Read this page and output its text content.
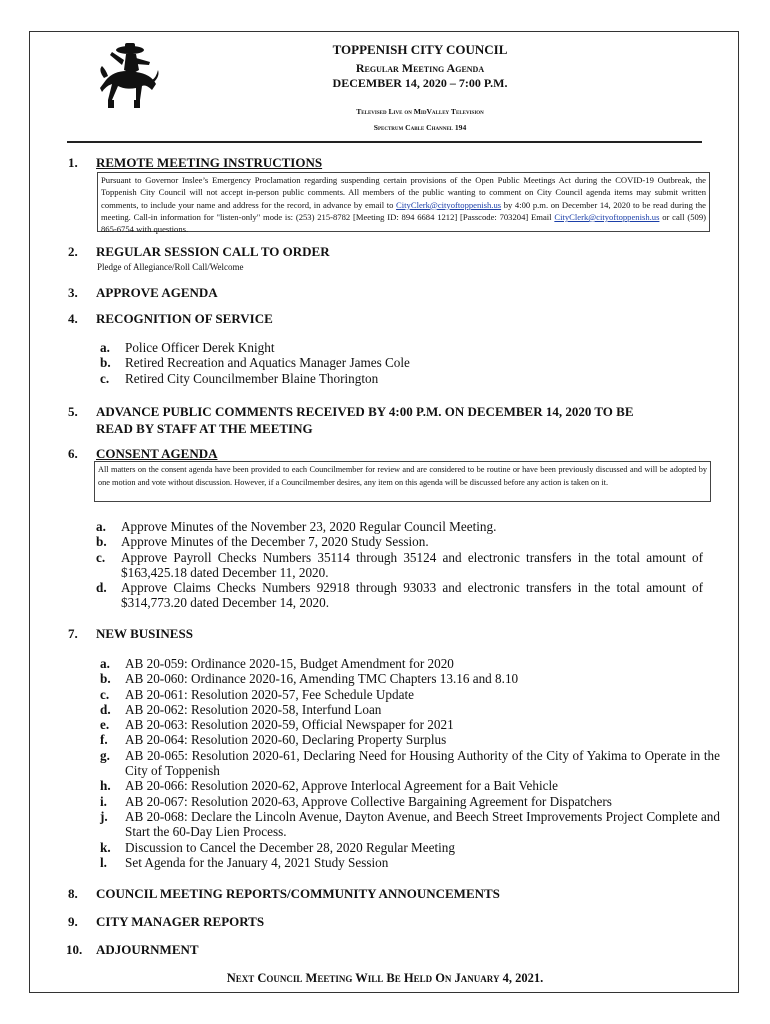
TOPPENISH CITY COUNCIL
Regular Meeting Agenda
DECEMBER 14, 2020 – 7:00 P.M.
Televised Live on MidValley Television
Spectrum Cable Channel 194
1. REMOTE MEETING INSTRUCTIONS
Pursuant to Governor Inslee’s Emergency Proclamation regarding suspending certain provisions of the Open Public Meetings Act during the COVID-19 Outbreak, the Toppenish City Council will not accept in-person public comments. All members of the public wanting to comment on City Council agenda items may submit written comments, to include your name and address for the record, in advance by email to CityClerk@cityoftoppenish.us by 4:00 p.m. on December 14, 2020 to be read during the meeting. Call-in information for "listen-only" mode is: (253) 215-8782 [Meeting ID: 894 6684 1212] [Passcode: 703204] Email CityClerk@cityoftoppenish.us or call (509) 865-6754 with questions.
2. REGULAR SESSION CALL TO ORDER
Pledge of Allegiance/Roll Call/Welcome
3. APPROVE AGENDA
4. RECOGNITION OF SERVICE
a.	Police Officer Derek Knight
b.	Retired Recreation and Aquatics Manager James Cole
c.	Retired City Councilmember Blaine Thorington
5. ADVANCE PUBLIC COMMENTS RECEIVED BY 4:00 P.M. ON DECEMBER 14, 2020 TO BE
READ BY STAFF AT THE MEETING
6. CONSENT AGENDA
All matters on the consent agenda have been provided to each Councilmember for review and are considered to be routine or have been previously discussed and will be adopted by one motion and vote without discussion. However, if a Councilmember desires, any item on this agenda will be discussed before any action is taken on it.
a.	Approve Minutes of the November 23, 2020 Regular Council Meeting.
b.	Approve Minutes of the December 7, 2020 Study Session.
c.	Approve Payroll Checks Numbers 35114 through 35124 and electronic transfers in the total amount of $163,425.18 dated December 11, 2020.
d.	Approve Claims Checks Numbers 92918 through 93033 and electronic transfers in the total amount of $314,773.20 dated December 14, 2020.
7. NEW BUSINESS
a.	AB 20-059: Ordinance 2020-15, Budget Amendment for 2020
b.	AB 20-060: Ordinance 2020-16, Amending TMC Chapters 13.16 and 8.10
c.	AB 20-061: Resolution 2020-57, Fee Schedule Update
d.	AB 20-062: Resolution 2020-58, Interfund Loan
e.	AB 20-063: Resolution 2020-59, Official Newspaper for 2021
f.	AB 20-064: Resolution 2020-60, Declaring Property Surplus
g.	AB 20-065: Resolution 2020-61, Declaring Need for Housing Authority of the City of Yakima to Operate in the City of Toppenish
h.	AB 20-066: Resolution 2020-62, Approve Interlocal Agreement for a Bait Vehicle
i.	AB 20-067: Resolution 2020-63, Approve Collective Bargaining Agreement for Dispatchers
j.	AB 20-068: Declare the Lincoln Avenue, Dayton Avenue, and Beech Street Improvements Project Complete and Start the 60-Day Lien Process.
k.	Discussion to Cancel the December 28, 2020 Regular Meeting
l.	Set Agenda for the January 4, 2021 Study Session
8. COUNCIL MEETING REPORTS/COMMUNITY ANNOUNCEMENTS
9. CITY MANAGER REPORTS
10. ADJOURNMENT
Next Council Meeting Will Be Held On January 4, 2021.
